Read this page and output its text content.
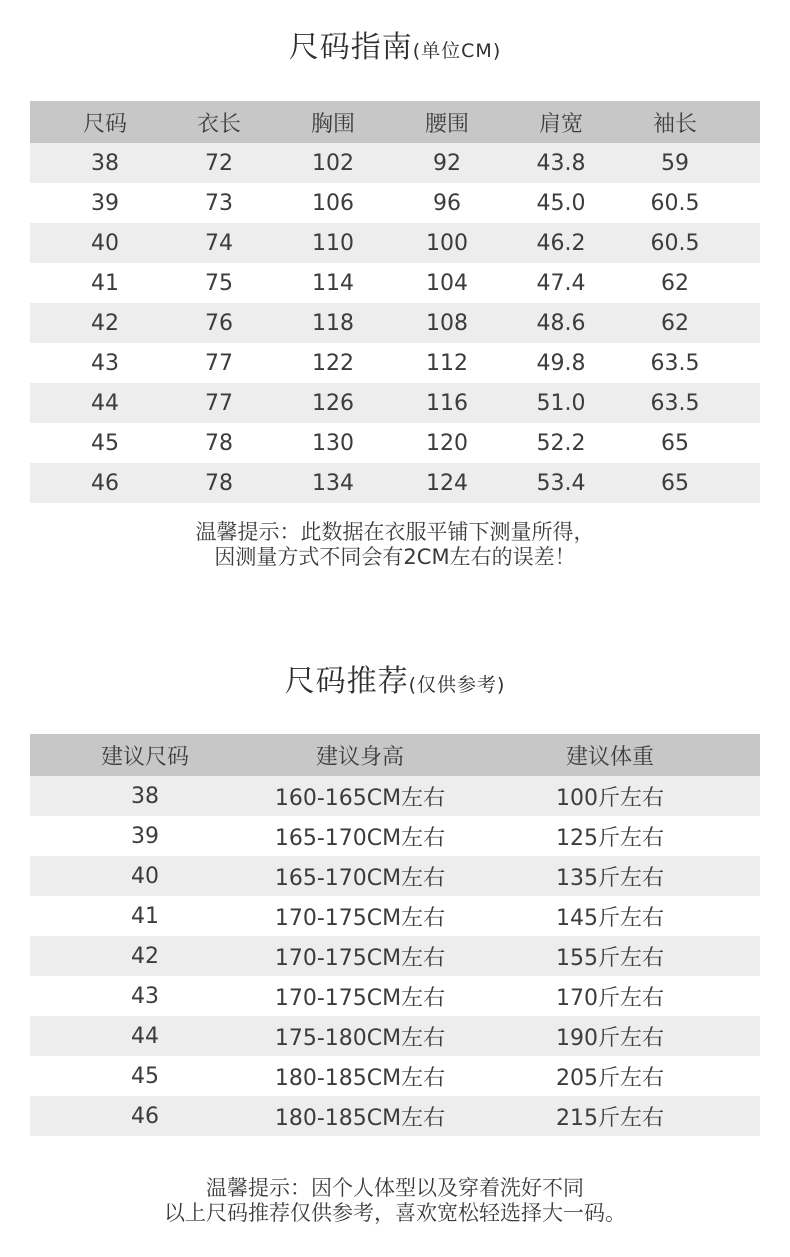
尺码指南(单位CM)
尺码	衣长	胸围	腰围	肩宽	袖长
38	72	102	92	43.8	59
39	73	106	96	45.0	60.5
40	74	110	100	46.2	60.5
41	75	114	104	47.4	62
42	76	118	108	48.6	62
43	77	122	112	49.8	63.5
44	77	126	116	51.0	63.5
45	78	130	120	52.2	65
46	78	134	124	53.4	65
温馨提示：此数据在衣服平铺下测量所得，
因测量方式不同会有2CM左右的误差！
尺码推荐(仅供参考)
建议尺码	建议身高	建议体重
38	160-165CM左右	100斤左右
39	165-170CM左右	125斤左右
40	165-170CM左右	135斤左右
41	170-175CM左右	145斤左右
42	170-175CM左右	155斤左右
43	170-175CM左右	170斤左右
44	175-180CM左右	190斤左右
45	180-185CM左右	205斤左右
46	180-185CM左右	215斤左右
温馨提示：因个人体型以及穿着洗好不同
以上尺码推荐仅供参考，喜欢宽松轻选择大一码。
